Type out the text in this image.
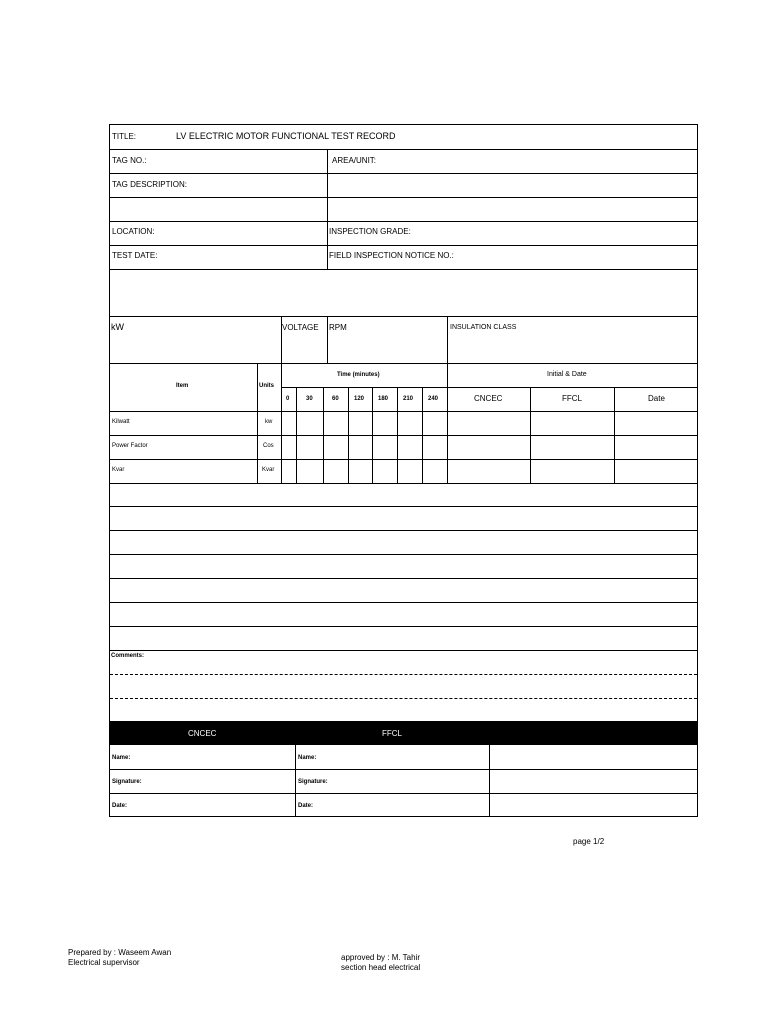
TITLE:	LV ELECTRIC MOTOR FUNCTIONAL TEST RECORD
TAG NO.:	AREA/UNIT:
TAG DESCRIPTION:
LOCATION:	INSPECTION GRADE:
TEST DATE:	FIELD INSPECTION NOTICE NO.:
kW	VOLTAGE RPM	INSULATION CLASS
Item	Units
Time (minutes)	Initial & Date
0	30	60	120 180 210 240	CNCEC	FFCL	Date
Kilwatt	kw
Power Factor	Cos
Kvar	Kvar
Comments:
CNCEC	FFCL
Name:	Name:
Signature:	Signature:
Date:	Date:
page 1/2
Prepared by : Waseem Awan
Electrical supervisor
approved by : M. Tahir
section head electrical
